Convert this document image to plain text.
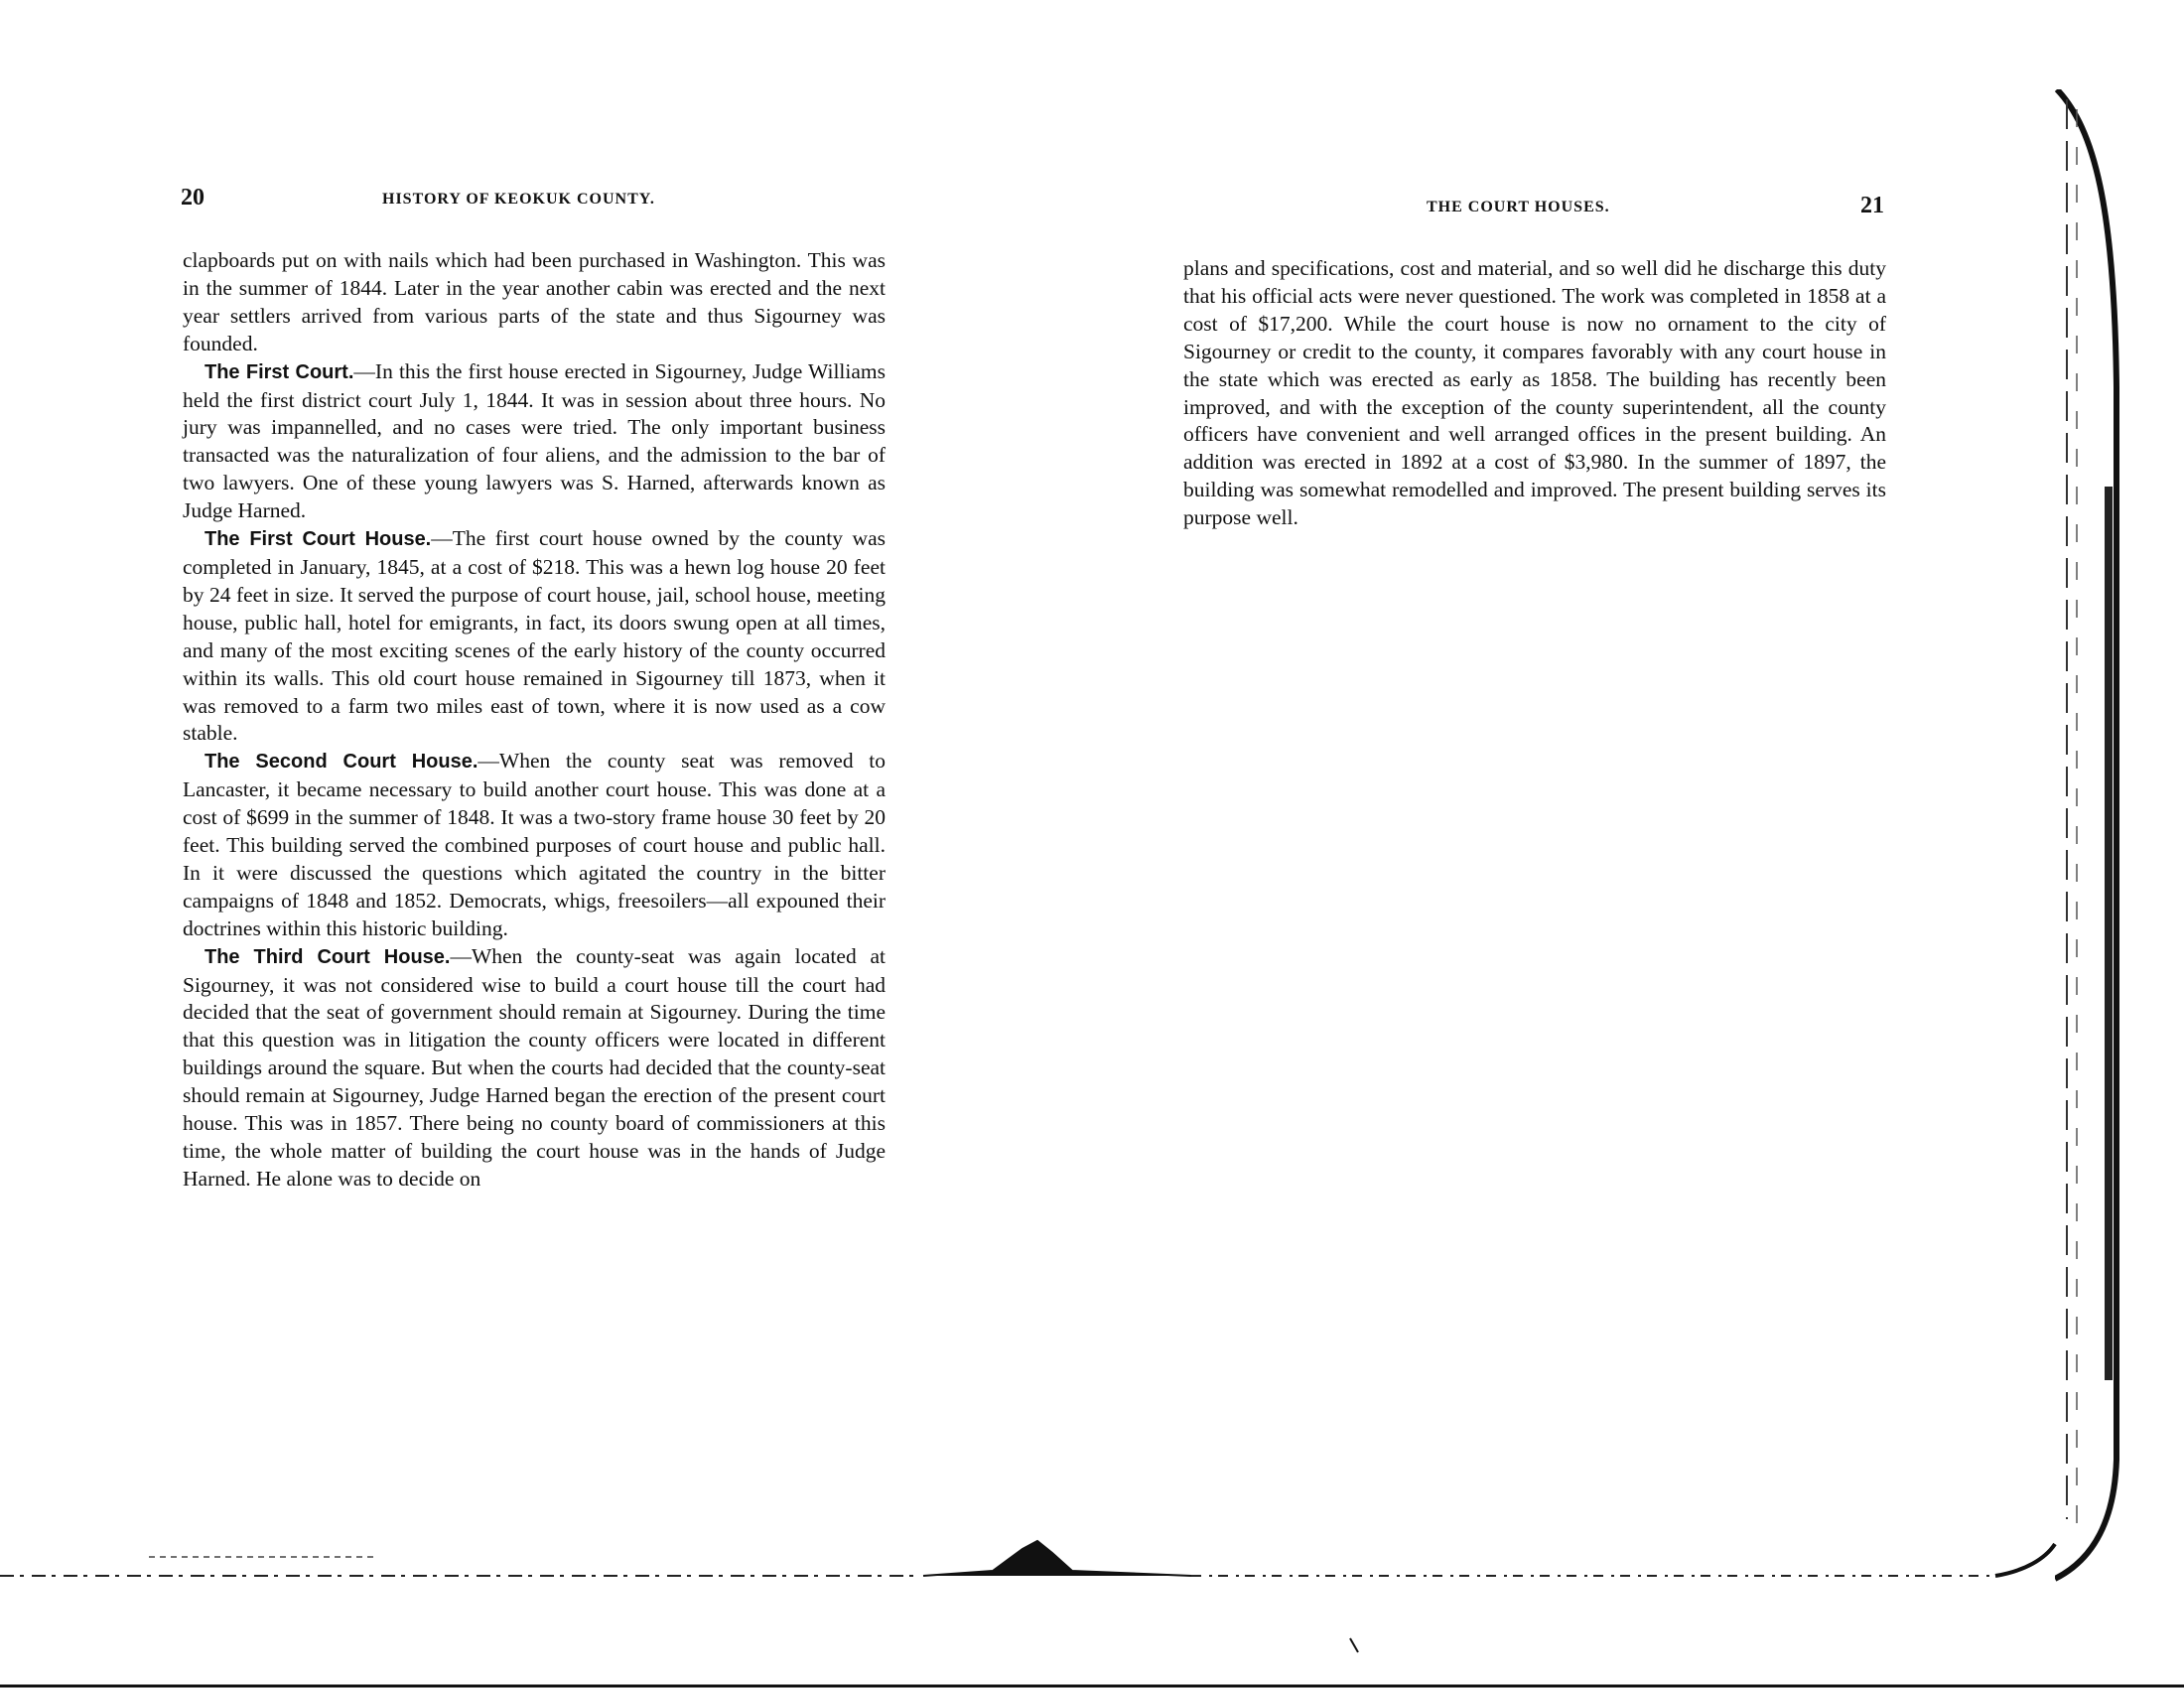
20	HISTORY OF KEOKUK COUNTY.

clapboards put on with nails which had been purchased in Washington. This was in the summer of 1844. Later in the year another cabin was erected and the next year settlers arrived from various parts of the state and thus Sigourney was founded.

The First Court.—In this the first house erected in Sigourney, Judge Williams held the first district court July 1, 1844. It was in session about three hours. No jury was impannelled, and no cases were tried. The only important business transacted was the naturalization of four aliens, and the admission to the bar of two lawyers. One of these young lawyers was S. Harned, afterwards known as Judge Harned.

The First Court House.—The first court house owned by the county was completed in January, 1845, at a cost of $218. This was a hewn log house 20 feet by 24 feet in size. It served the purpose of court house, jail, school house, meeting house, public hall, hotel for emigrants, in fact, its doors swung open at all times, and many of the most exciting scenes of the early history of the county occurred within its walls. This old court house remained in Sigourney till 1873, when it was removed to a farm two miles east of town, where it is now used as a cow stable.

The Second Court House.—When the county seat was removed to Lancaster, it became necessary to build another court house. This was done at a cost of $699 in the summer of 1848. It was a two-story frame house 30 feet by 20 feet. This building served the combined purposes of court house and public hall. In it were discussed the questions which agitated the country in the bitter campaigns of 1848 and 1852. Democrats, whigs, freesoilers—all expouned their doctrines within this historic building.

The Third Court House.—When the county-seat was again located at Sigourney, it was not considered wise to build a court house till the court had decided that the seat of government should remain at Sigourney. During the time that this question was in litigation the county officers were located in different buildings around the square. But when the courts had decided that the county-seat should remain at Sigourney, Judge Harned began the erection of the present court house. This was in 1857. There being no county board of commissioners at this time, the whole matter of building the court house was in the hands of Judge Harned. He alone was to decide on

THE COURT HOUSES.	21

plans and specifications, cost and material, and so well did he discharge this duty that his official acts were never questioned. The work was completed in 1858 at a cost of $17,200. While the court house is now no ornament to the city of Sigourney or credit to the county, it compares favorably with any court house in the state which was erected as early as 1858. The building has recently been improved, and with the exception of the county superintendent, all the county officers have convenient and well arranged offices in the present building. An addition was erected in 1892 at a cost of $3,980. In the summer of 1897, the building was somewhat remodelled and improved. The present building serves its purpose well.
